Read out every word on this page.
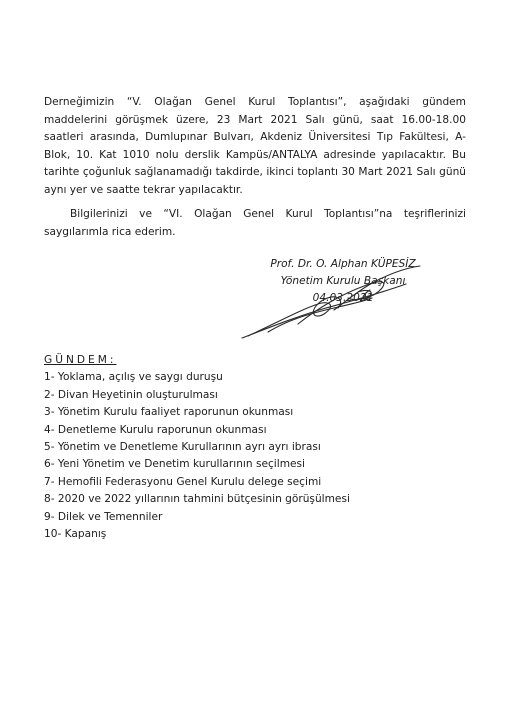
Derneğimizin “V. Olağan Genel Kurul Toplantısı”, aşağıdaki gündem maddelerini görüşmek üzere, 23 Mart 2021 Salı günü, saat 16.00-18.00 saatleri arasında, Dumlupınar Bulvarı, Akdeniz Üniversitesi Tıp Fakültesi, A-Blok, 10. Kat 1010 nolu derslik Kampüs/ANTALYA adresinde yapılacaktır. Bu tarihte çoğunluk sağlanamadığı takdirde, ikinci toplantı 30 Mart 2021 Salı günü aynı yer ve saatte tekrar yapılacaktır.

Bilgilerinizi ve “VI. Olağan Genel Kurul Toplantısı”na teşriflerinizi saygılarımla rica ederim.

Prof. Dr. O. Alphan KÜPESİZ
Yönetim Kurulu Başkanı
04.03.2021
GÜNDEM:
1- Yoklama, açılış ve saygı duruşu
2- Divan Heyetinin oluşturulması
3- Yönetim Kurulu faaliyet raporunun okunması
4- Denetleme Kurulu raporunun okunması
5- Yönetim ve Denetleme Kurullarının ayrı ayrı ibrası
6- Yeni Yönetim ve Denetim kurullarının seçilmesi
7- Hemofili Federasyonu Genel Kurulu delege seçimi
8- 2020 ve 2022 yıllarının tahmini bütçesinin görüşülmesi
9- Dilek ve Temenniler
10- Kapanış
